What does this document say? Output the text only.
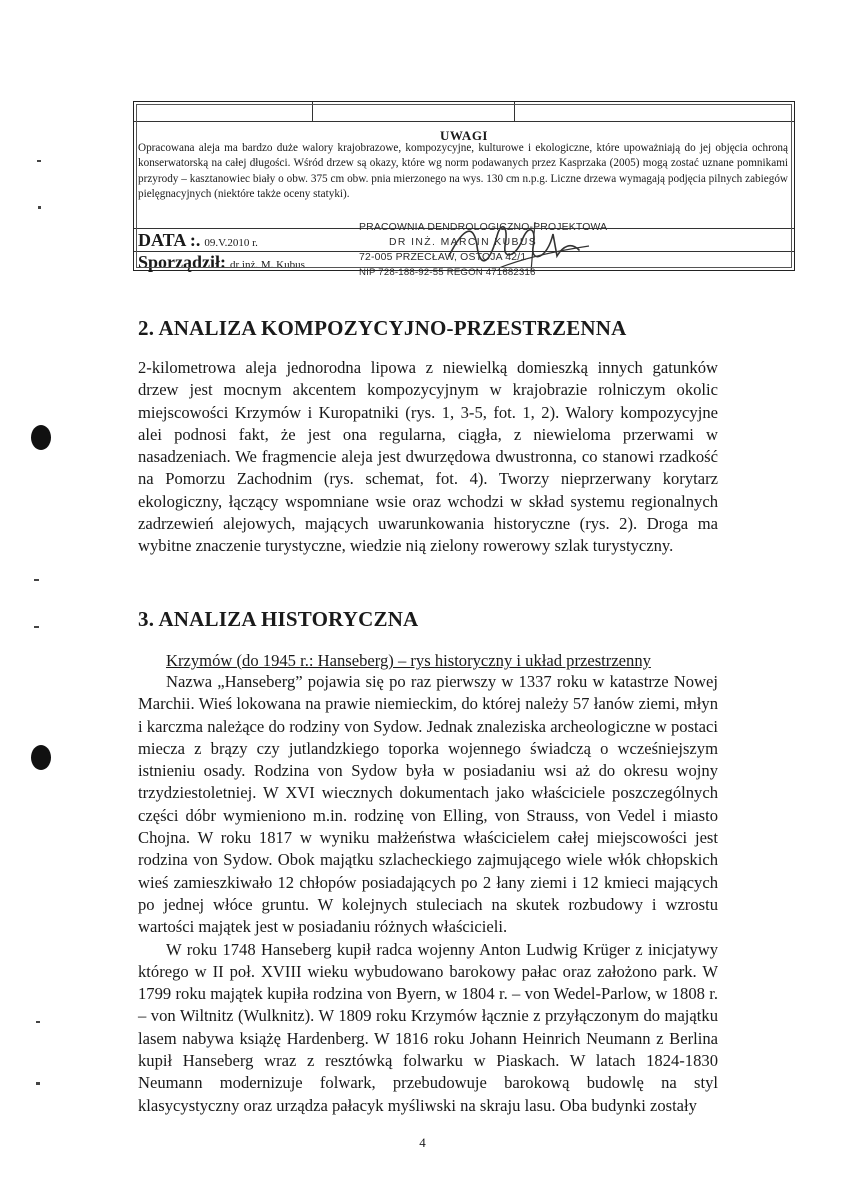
UWAGI
Opracowana aleja ma bardzo duże walory krajobrazowe, kompozycyjne, kulturowe i ekologiczne, które upoważniają do jej objęcia ochroną konserwatorską na całej długości. Wśród drzew są okazy, które wg norm podawanych przez Kasprzaka (2005) mogą zostać uznane pomnikami przyrody – kasztanowiec biały o obw. 375 cm obw. pnia mierzonego na wys. 130 cm n.p.g. Liczne drzewa wymagają podjęcia pilnych zabiegów pielęgnacyjnych (niektóre także oceny statyki).
DATA :. 09.V.2010 r.
Sporządził: dr inż. M. Kubus
PRACOWNIA DENDROLOGICZNO-PROJEKTOWA
DR INŻ. MARCIN KUBUS
72-005 PRZECŁAW, OSTOJA 42/1
NIP 728-188-92-55 REGON 471682316
2. ANALIZA KOMPOZYCYJNO-PRZESTRZENNA

2-kilometrowa aleja jednorodna lipowa z niewielką domieszką innych gatunków drzew jest mocnym akcentem kompozycyjnym w krajobrazie rolniczym okolic miejscowości Krzymów i Kuropatniki (rys. 1, 3-5, fot. 1, 2). Walory kompozycyjne alei podnosi fakt, że jest ona regularna, ciągła, z niewieloma przerwami w nasadzeniach. We fragmencie aleja jest dwurzędowa dwustronna, co stanowi rzadkość na Pomorzu Zachodnim (rys. schemat, fot. 4). Tworzy nieprzerwany korytarz ekologiczny, łączący wspomniane wsie oraz wchodzi w skład systemu regionalnych zadrzewień alejowych, mających uwarunkowania historyczne (rys. 2). Droga ma wybitne znaczenie turystyczne, wiedzie nią zielony rowerowy szlak turystyczny.

3. ANALIZA HISTORYCZNA
Krzymów (do 1945 r.: Hanseberg) – rys historyczny i układ przestrzenny

Nazwa „Hanseberg” pojawia się po raz pierwszy w 1337 roku w katastrze Nowej Marchii. Wieś lokowana na prawie niemieckim, do której należy 57 łanów ziemi, młyn i karczma należące do rodziny von Sydow. Jednak znaleziska archeologiczne w postaci miecza z brązy czy jutlandzkiego toporka wojennego świadczą o wcześniejszym istnieniu osady. Rodzina von Sydow była w posiadaniu wsi aż do okresu wojny trzydziestoletniej. W XVI wiecznych dokumentach jako właściciele poszczególnych części dóbr wymieniono m.in. rodzinę von Elling, von Strauss, von Vedel i miasto Chojna. W roku 1817 w wyniku małżeństwa właścicielem całej miejscowości jest rodzina von Sydow. Obok majątku szlacheckiego zajmującego wiele włók chłopskich wieś zamieszkiwało 12 chłopów posiadających po 2 łany ziemi i 12 kmieci mających po jednej włóce gruntu. W kolejnych stuleciach na skutek rozbudowy i wzrostu wartości majątek jest w posiadaniu różnych właścicieli.

W roku 1748 Hanseberg kupił radca wojenny Anton Ludwig Krüger z inicjatywy którego w II poł. XVIII wieku wybudowano barokowy pałac oraz założono park. W 1799 roku majątek kupiła rodzina von Byern, w 1804 r. – von Wedel-Parlow, w 1808 r. – von Wiltnitz (Wulknitz). W 1809 roku Krzymów łącznie z przyłączonym do majątku lasem nabywa książę Hardenberg. W 1816 roku Johann Heinrich Neumann z Berlina kupił Hanseberg wraz z resztówką folwarku w Piaskach. W latach 1824-1830 Neumann modernizuje folwark, przebudowuje barokową budowlę na styl klasycystyczny oraz urządza pałacyk myśliwski na skraju lasu. Oba budynki zostały

4
